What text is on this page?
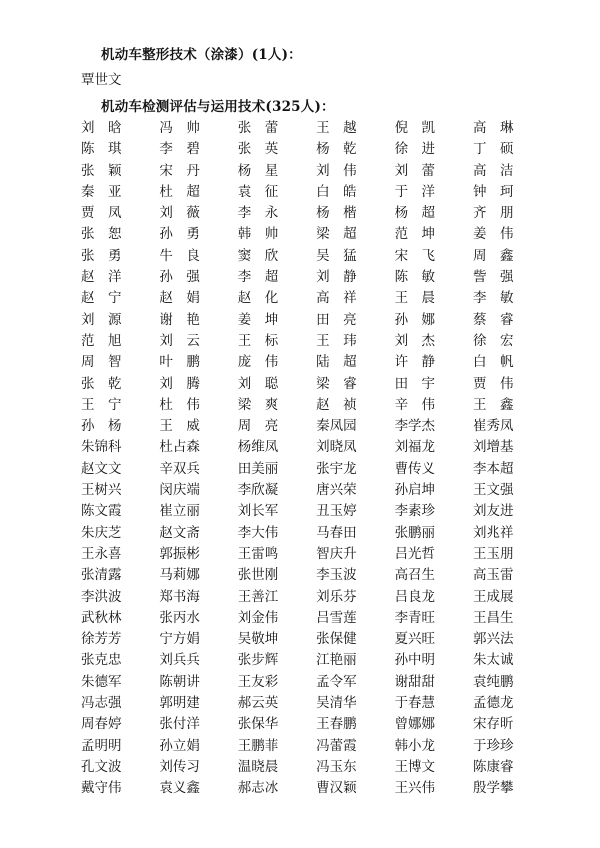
机动车整形技术（涂漆）(1人)：
覃世文
机动车检测评估与运用技术(325人)：
刘　晗	冯　帅	张　蕾	王　越	倪　凯	高　琳
陈　琪	李　碧	张　英	杨　乾	徐　进	丁　硕
张　颖	宋　丹	杨　星	刘　伟	刘　蕾	高　洁
秦　亚	杜　超	袁　征	白　皓	于　洋	钟　珂
贾　凤	刘　薇	李　永	杨　楷	杨　超	齐　朋
张　恕	孙　勇	韩　帅	梁　超	范　坤	姜　伟
张　勇	牛　良	窦　欣	吴　猛	宋　飞	周　鑫
赵　洋	孙　强	李　超	刘　静	陈　敏	訾　强
赵　宁	赵　娟	赵　化	高　祥	王　晨	李　敏
刘　源	谢　艳	姜　坤	田　亮	孙　娜	蔡　睿
范　旭	刘　云	王　标	王　玮	刘　杰	徐　宏
周　智	叶　鹏	庞　伟	陆　超	许　静	白　帆
张　乾	刘　腾	刘　聪	梁　睿	田　宇	贾　伟
王　宁	杜　伟	梁　爽	赵　祯	辛　伟	王　鑫
孙　杨	王　威	周　亮	秦凤园	李学杰	崔秀凤
朱锦科	杜占森	杨维凤	刘晓凤	刘福龙	刘增基
赵文文	辛双兵	田美丽	张宇龙	曹传义	李本超
王树兴	闵庆端	李欣凝	唐兴荣	孙启坤	王文强
陈文霞	崔立丽	刘长军	丑玉婷	李素珍	刘友进
朱庆芝	赵文斋	李大伟	马春田	张鹏丽	刘兆祥
王永喜	郭振彬	王雷鸣	智庆升	吕光哲	王玉朋
张清露	马莉娜	张世刚	李玉波	高召生	高玉雷
李洪波	郑书海	王善江	刘乐芬	吕良龙	王成展
武秋林	张丙水	刘金伟	吕雪莲	李青旺	王昌生
徐芳芳	宁方娟	吴敬坤	张保健	夏兴旺	郭兴法
张克忠	刘兵兵	张步辉	江艳丽	孙中明	朱太诚
朱德军	陈朝讲	王友彩	孟令军	谢甜甜	袁纯鹏
冯志强	郭明建	郝云英	吴清华	于春慧	孟德龙
周春婷	张付洋	张保华	王春鹏	曾娜娜	宋存昕
孟明明	孙立娟	王鹏菲	冯蕾霞	韩小龙	于珍珍
孔文波	刘传习	温晓晨	冯玉东	王博文	陈康睿
戴守伟	袁义鑫	郝志冰	曹汉颖	王兴伟	殷学攀
